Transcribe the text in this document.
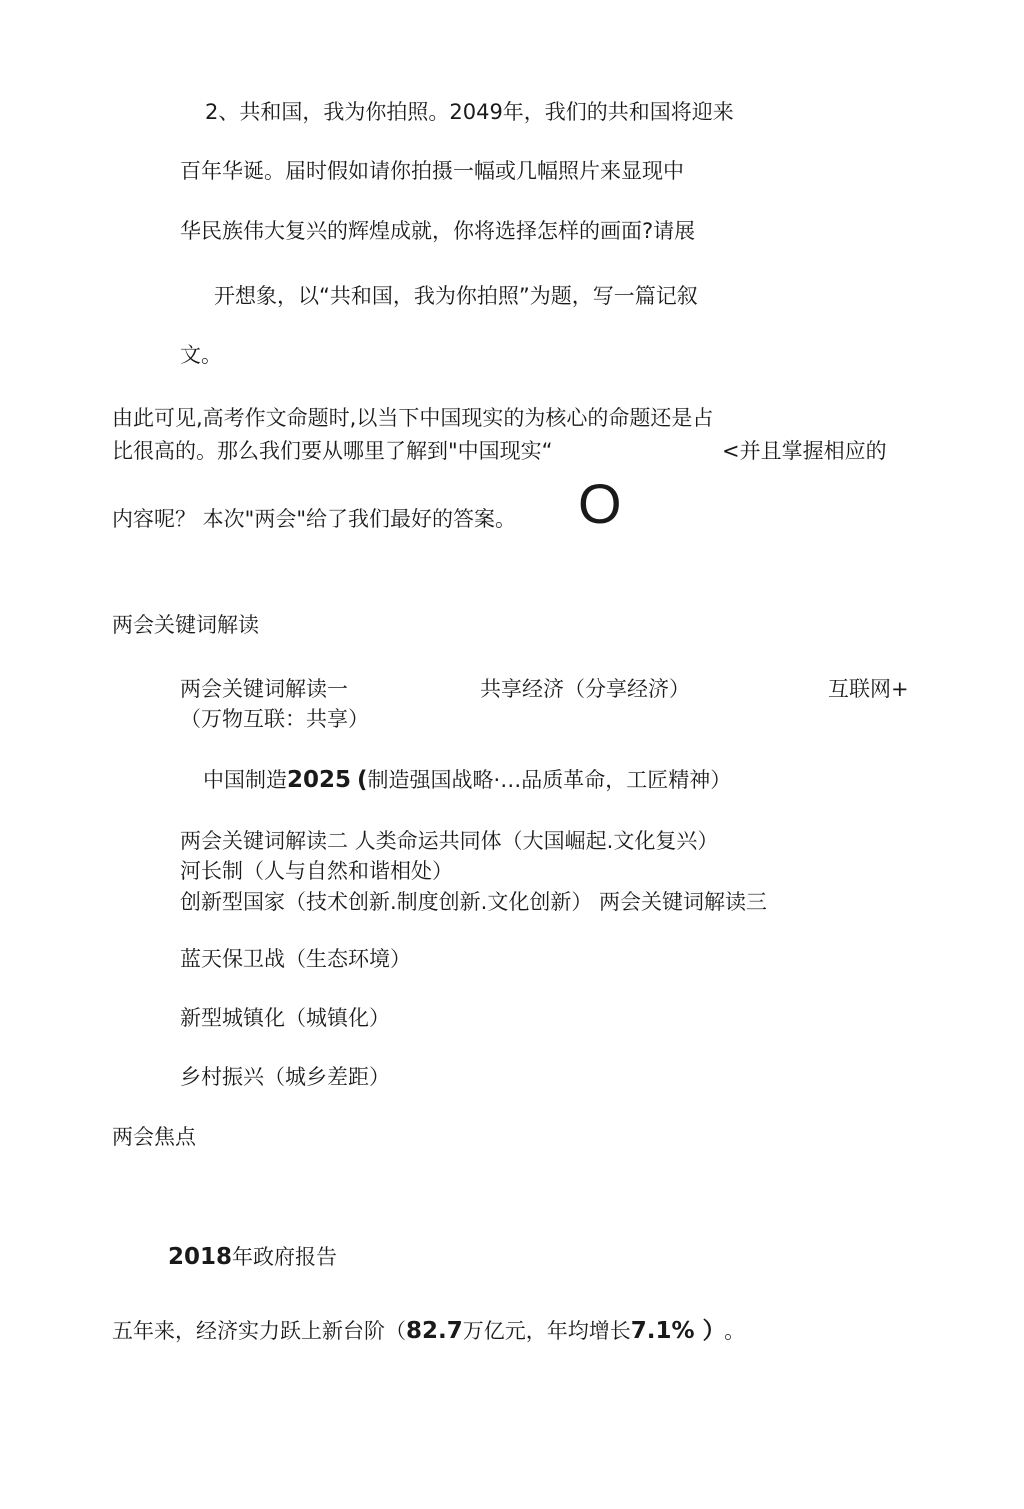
2、共和国，我为你拍照。2049年，我们的共和国将迎来
百年华诞。届时假如请你拍摄一幅或几幅照片来显现中
华民族伟大复兴的辉煌成就，你将选择怎样的画面?请展
开想象，以“共和国，我为你拍照”为题，写一篇记叙
文。
由此可见,高考作文命题时,以当下中国现实的为核心的命题还是占
比很高的。那么我们要从哪里了解到"中国现实“	<并且掌握相应的
内容呢？ 本次"两会"给了我们最好的答案。 O
两会关键词解读
两会关键词解读一	共享经济（分享经济）	互联网+
（万物互联：共享）
中国制造2025 (制造强国战略·…品质革命，工匠精神）
两会关键词解读二 人类命运共同体（大国崛起.文化复兴）
河长制（人与自然和谐相处）
创新型国家（技术创新.制度创新.文化创新） 两会关键词解读三
蓝天保卫战（生态环境）
新型城镇化（城镇化）
乡村振兴（城乡差距）
两会焦点
2018年政府报告
五年来，经济实力跃上新台阶（82.7万亿元，年均增长7.1% ） 。
